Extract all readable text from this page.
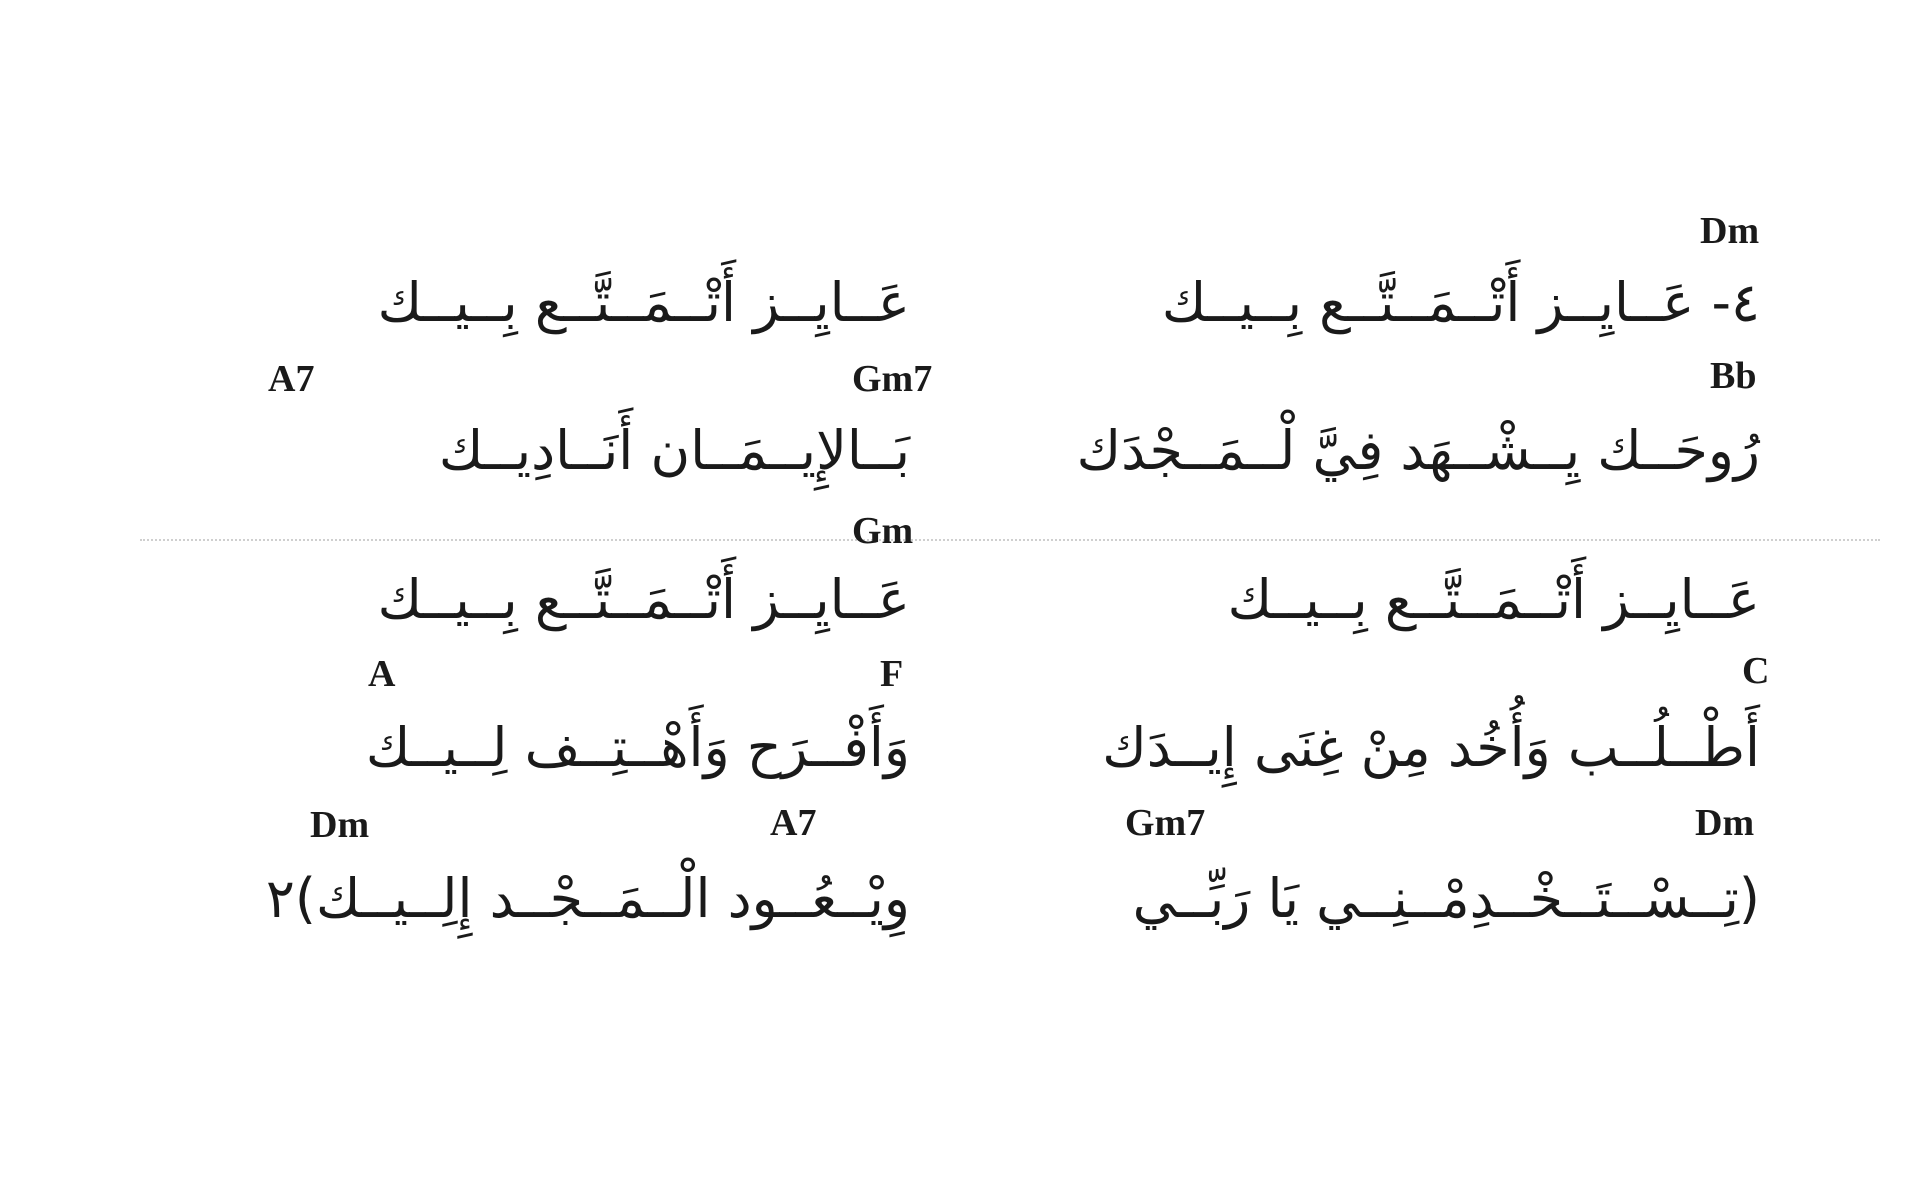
Dm
٤- عَــايِــز أَتْــمَــتَّــع بِــيــك
عَــايِــز أَتْــمَــتَّــع بِــيــك
Bb
Gm7
A7
رُوحَــك يِــشْــهَد فِيَّ لْــمَــجْدَك
بَــالإِيــمَــان أَنَــادِيــك
Gm
عَــايِــز أَتْــمَــتَّــع بِــيــك
عَــايِــز أَتْــمَــتَّــع بِــيــك
C
F
A
أَطْــلُــب وَأُخُد مِنْ غِنَى إِيــدَك
وَأَفْــرَح وَأَهْــتِــف لِــيــك
Dm
Gm7
A7
Dm
(تِــسْــتَــخْــدِمْــنِــي يَا رَبِّــي
وِيْــعُــود الْــمَــجْــد إِلِــيــك)٢
